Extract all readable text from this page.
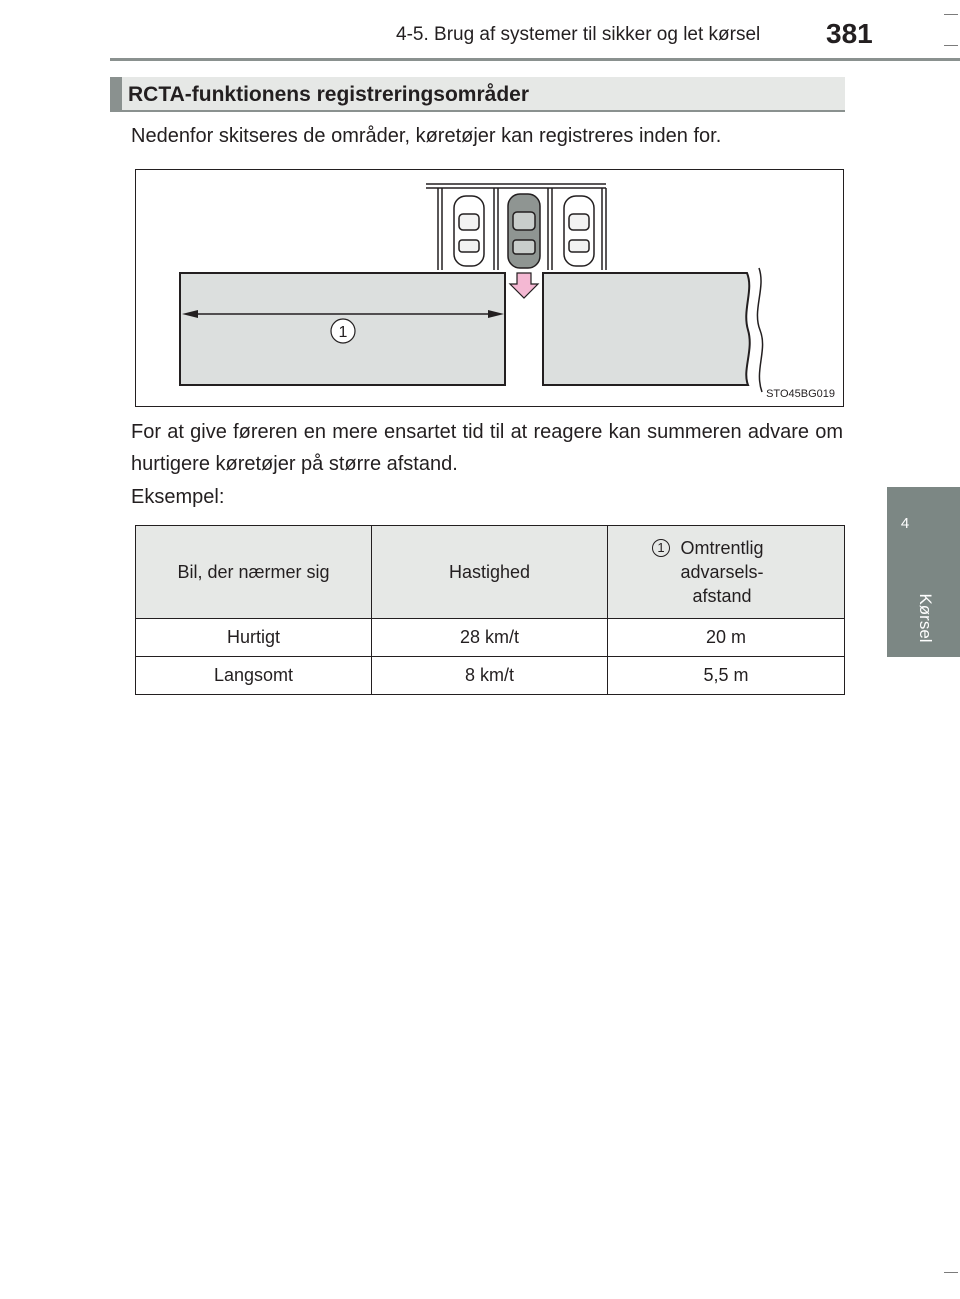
4-5. Brug af systemer til sikker og let kørsel 381
4
Kørsel
RCTA-funktionens registreringsområder
Nedenfor skitseres de områder, køretøjer kan registreres inden for.
1
STO45BG019
For at give føreren en mere ensartet tid til at reagere kan summeren advare om hurtigere køretøjer på større afstand.
Eksempel:
Bil, der nærmer sig	Hastighed	1 Omtrentlig
advarsels-
afstand

Hurtigt	28 km/t	20 m
Langsomt	8 km/t	5,5 m
